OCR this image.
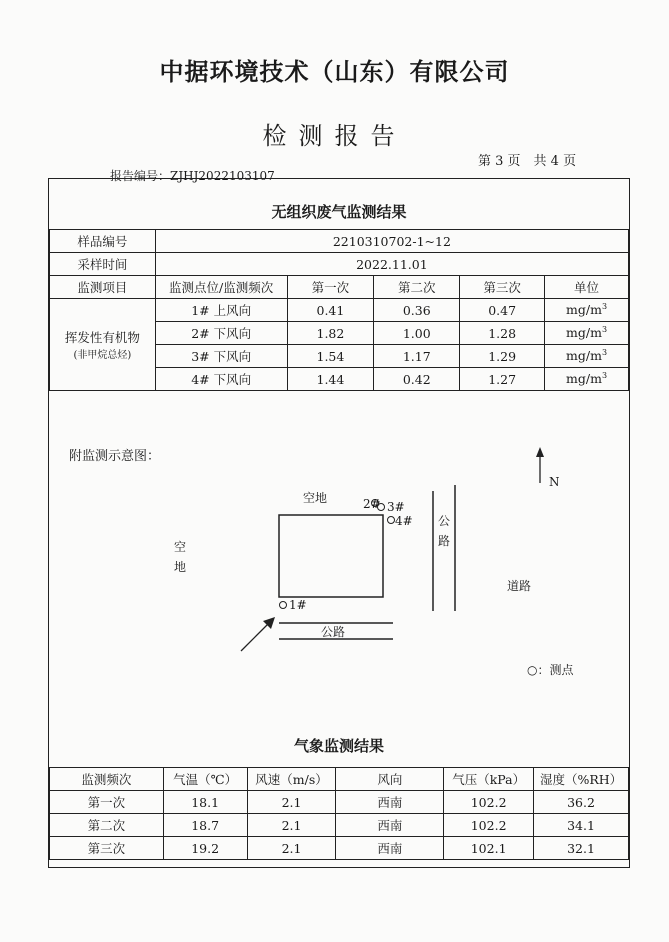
中据环境技术（山东）有限公司
检测报告
第 3 页　共 4 页
报告编号：ZJHJ2022103107
无组织废气监测结果
样品编号	2210310702-1~12				
采样时间	2022.11.01				
监测项目	监测点位/监测频次	第一次	第二次	第三次	单位

挥发性有机物
(非甲烷总烃)	1# 上风向	0.41	0.36	0.47	$mg/m^3$
	2# 下风向	1.82	1.00	1.28	$mg/m^3$
	3# 下风向	1.54	1.17	1.29	$mg/m^3$
	4# 下风向	1.44	0.42	1.27	$mg/m^3$
附监测示意图：
空地
空
地
公
路
公路
道路
N
○：测点
1#
2# 3#
4#
气象监测结果
监测频次	气温（℃）	风速（m/s）	风向	气压（kPa）	湿度（%RH）
第一次	18.1	2.1	西南	102.2	36.2
第二次	18.7	2.1	西南	102.2	34.1
第三次	19.2	2.1	西南	102.1	32.1
